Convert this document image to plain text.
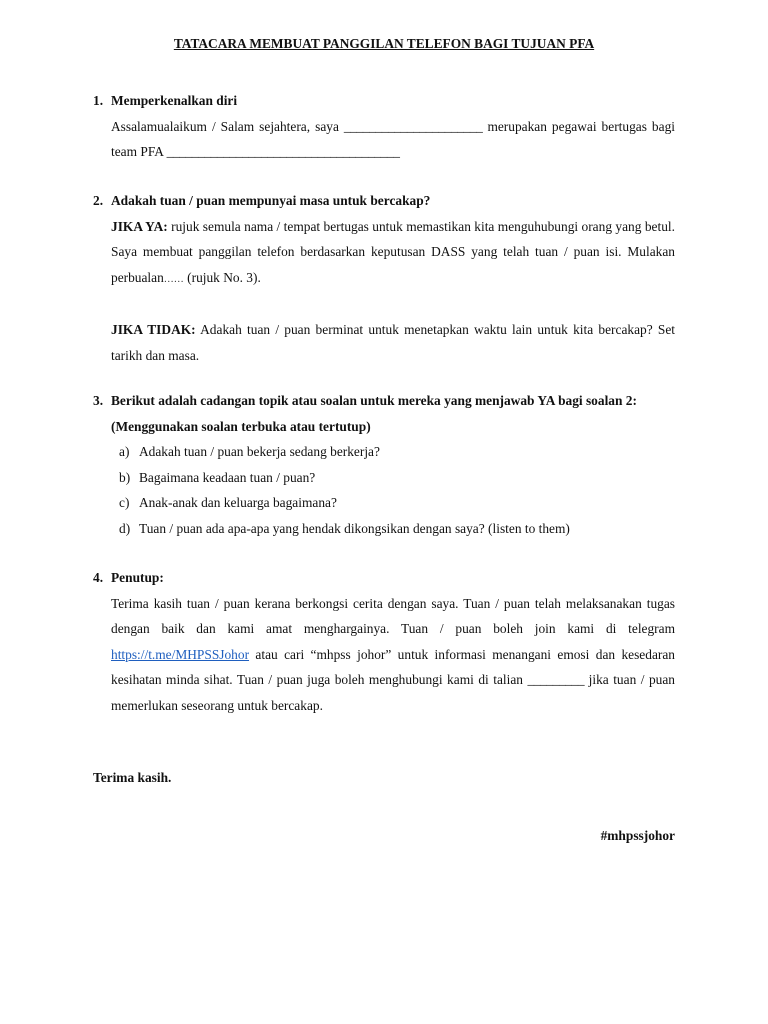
TATACARA MEMBUAT PANGGILAN TELEFON BAGI TUJUAN PFA
1. Memperkenalkan diri

Assalamualaikum / Salam sejahtera, saya ______________________ merupakan pegawai bertugas bagi team PFA _____________________________________

2. Adakah tuan / puan mempunyai masa untuk bercakap?

JIKA YA: rujuk semula nama / tempat bertugas untuk memastikan kita menguhubungi orang yang betul. Saya membuat panggilan telefon berdasarkan keputusan DASS yang telah tuan / puan isi. Mulakan perbualan…… (rujuk No. 3).

JIKA TIDAK: Adakah tuan / puan berminat untuk menetapkan waktu lain untuk kita bercakap? Set tarikh dan masa.

3. Berikut adalah cadangan topik atau soalan untuk mereka yang menjawab YA bagi soalan 2: (Menggunakan soalan terbuka atau tertutup)
a) Adakah tuan / puan bekerja sedang berkerja?
b) Bagaimana keadaan tuan / puan?
c) Anak-anak dan keluarga bagaimana?
d) Tuan / puan ada apa-apa yang hendak dikongsikan dengan saya? (listen to them)
4. Penutup:

Terima kasih tuan / puan kerana berkongsi cerita dengan saya. Tuan / puan telah melaksanakan tugas dengan baik dan kami amat menghargainya. Tuan / puan boleh join kami di telegram https://t.me/MHPSSJohor atau cari “mhpss johor” untuk informasi menangani emosi dan kesedaran kesihatan minda sihat. Tuan / puan juga boleh menghubungi kami di talian _________ jika tuan / puan memerlukan seseorang untuk bercakap.

Terima kasih.
#mhpssjohor
